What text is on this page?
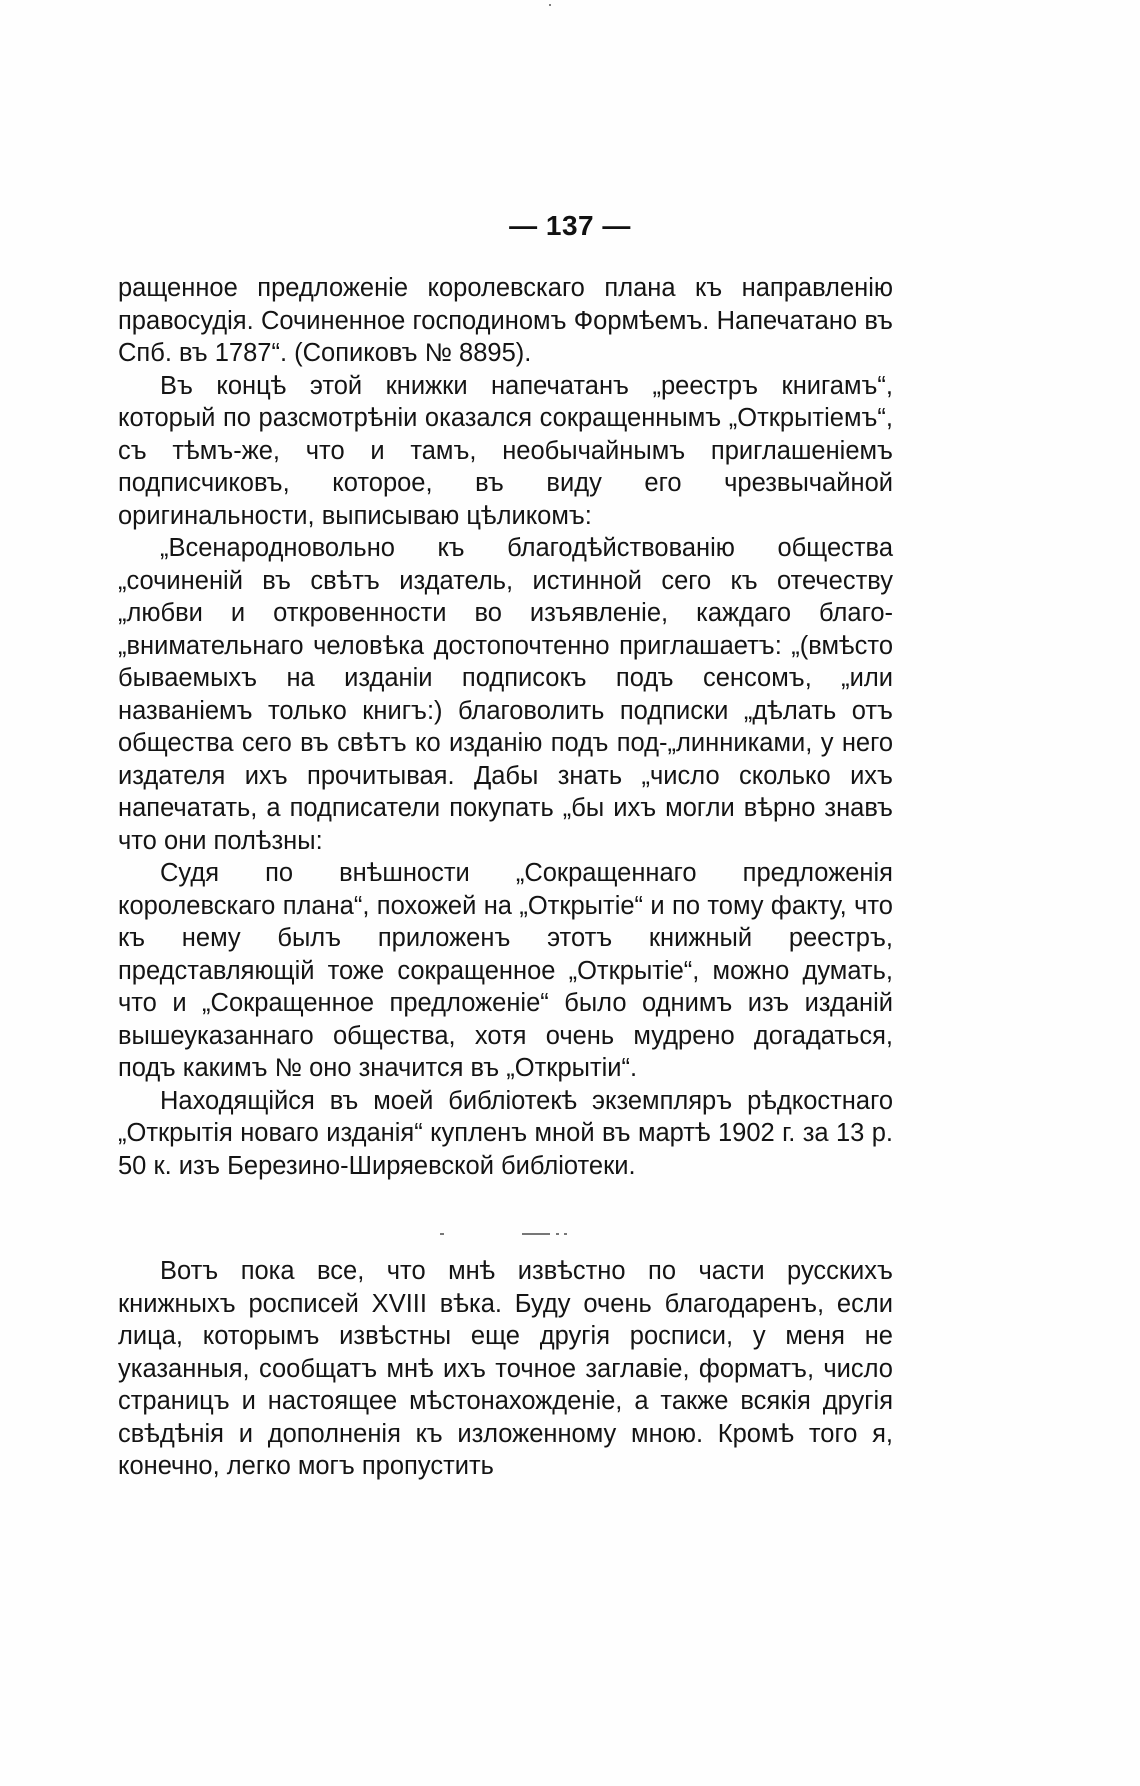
— 137 —

ращенное предложеніе королевскаго плана къ направленію правосудія. Сочиненное господиномъ Формѣемъ. Напечатано въ Спб. въ 1787“. (Сопиковъ № 8895).

Въ концѣ этой книжки напечатанъ „реестръ книгамъ“, который по разсмотрѣніи оказался сокращеннымъ „Открытіемъ“, съ тѣмъ-же, что и тамъ, необычайнымъ приглашеніемъ подписчиковъ, которое, въ виду его чрезвычайной оригинальности, выписываю цѣликомъ:

„Всенародновольно къ благодѣйствованію общества „сочиненій въ свѣтъ издатель, истинной сего къ отечеству „любви и откровенности во изъявленіе, каждаго благо-„внимательнаго человѣка достопочтенно приглашаетъ: „(вмѣсто бываемыхъ на изданіи подписокъ подъ сенсомъ, „или названіемъ только книгъ:) благоволить подписки „дѣлать отъ общества сего въ свѣтъ ко изданію подъ под-„линниками, у него издателя ихъ прочитывая. Дабы знать „число сколько ихъ напечатать, а подписатели покупать „бы ихъ могли вѣрно знавъ что они полѣзны:

Судя по внѣшности „Сокращеннаго предложенія королевскаго плана“, похожей на „Открытіе“ и по тому факту, что къ нему былъ приложенъ этотъ книжный реестръ, представляющій тоже сокращенное „Открытіе“, можно думать, что и „Сокращенное предложеніе“ было однимъ изъ изданій вышеуказаннаго общества, хотя очень мудрено догадаться, подъ какимъ № оно значится въ „Открытіи“.

Находящійся въ моей библіотекѣ экземпляръ рѣдкостнаго „Открытія новаго изданія“ купленъ мной въ мартѣ 1902 г. за 13 р. 50 к. изъ Березино-Ширяевской библіотеки.

Вотъ пока все, что мнѣ извѣстно по части русскихъ книжныхъ росписей XVIII вѣка. Буду очень благодаренъ, если лица, которымъ извѣстны еще другія росписи, у меня не указанныя, сообщатъ мнѣ ихъ точное заглавіе, форматъ, число страницъ и настоящее мѣстонахожденіе, а также всякія другія свѣдѣнія и дополненія къ изложенному мною. Кромѣ того я, конечно, легко могъ пропустить
